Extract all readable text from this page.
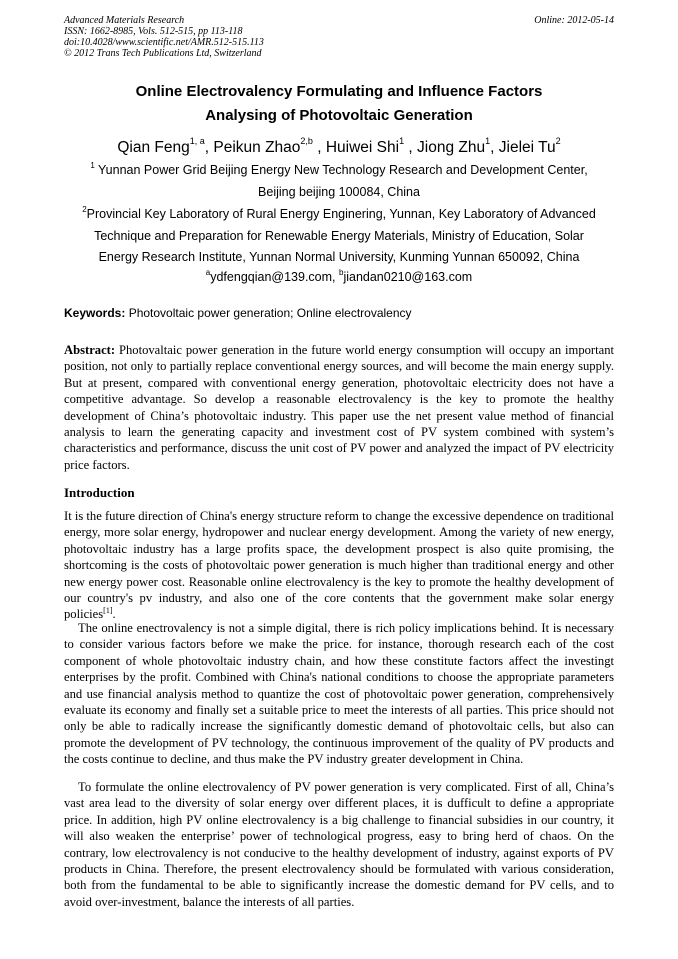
Advanced Materials Research
ISSN: 1662-8985, Vols. 512-515, pp 113-118
doi:10.4028/www.scientific.net/AMR.512-515.113
© 2012 Trans Tech Publications Ltd, Switzerland
Online: 2012-05-14
Online Electrovalency Formulating and Influence Factors
Analysing of Photovoltaic Generation
Qian Feng$^{1, a}$, Peikun Zhao$^{2,b}$ , Huiwei Shi$^1$ , Jiong Zhu$^1$, Jielei Tu$^2$
$^1$ Yunnan Power Grid Beijing Energy New Technology Research and Development Center,
Beijing beijing 100084, China
$^2$Provincial Key Laboratory of Rural Energy Enginering, Yunnan, Key Laboratory of Advanced
Technique and Preparation for Renewable Energy Materials, Ministry of Education, Solar
Energy Research Institute, Yunnan Normal University, Kunming Yunnan 650092, China
$^a$ydfengqian@139.com, $^b$jiandan0210@163.com
Keywords: Photovoltaic power generation; Online electrovalency
Abstract: Photovaltaic power generation in the future world energy consumption will occupy an important position, not only to partially replace conventional energy sources, and will become the main energy supply. But at present, compared with conventional energy generation, photovoltaic electricity does not have a competitive advantage. So develop a reasonable electrovalency is the key to promote the healthy development of China’s photovoltaic industry. This paper use the net present value method of financial analysis to learn the generating capacity and investment cost of PV system combined with system’s characteristics and performance, discuss the unit cost of PV power and analyzed the impact of PV electricity price factors.
Introduction
It is the future direction of China's energy structure reform to change the excessive dependence on traditional energy, more solar energy, hydropower and nuclear energy development. Among the variety of new energy, photovoltaic industry has a large profits space, the development prospect is also quite promising, the shortcoming is the costs of photovoltaic power generation is much higher than traditional energy and other new energy power cost. Reasonable online electrovalency is the key to promote the healthy development of our country's pv industry, and also one of the core contents that the government make solar energy policies[1].
The online enectrovalency is not a simple digital, there is rich policy implications behind. It is necessary to consider various factors before we make the price. for instance, thorough research each of the cost component of whole photovoltaic industry chain, and how these constitute factors affect the investingt enterprises by the profit. Combined with China's national conditions to choose the appropriate parameters and use financial analysis method to quantize the cost of photovoltaic power generation, comprehensively evaluate its economy and finally set a suitable price to meet the interests of all parties. This price should not only be able to radically increase the significantly domestic demand of photovoltaic cells, but also can promote the development of PV technology, the continuous improvement of the quality of PV products and the costs continue to decline, and thus make the PV industry greater development in China.
To formulate the online electrovalency of PV power generation is very complicated. First of all, China’s vast area lead to the diversity of solar energy over different places, it is dufficult to define a appropriate price. In addition, high PV online electrovalency is a big challenge to financial subsidies in our country, it will also weaken the enterprise’ power of technological progress, easy to bring herd of chaos. On the contrary, low electrovalency is not conducive to the healthy development of industry, against exports of PV products in China. Therefore, the present electrovalency should be formulated with various consideration, both from the fundamental to be able to significantly increase the domestic demand for PV cells, and to avoid over-investment, balance the interests of all parties.
